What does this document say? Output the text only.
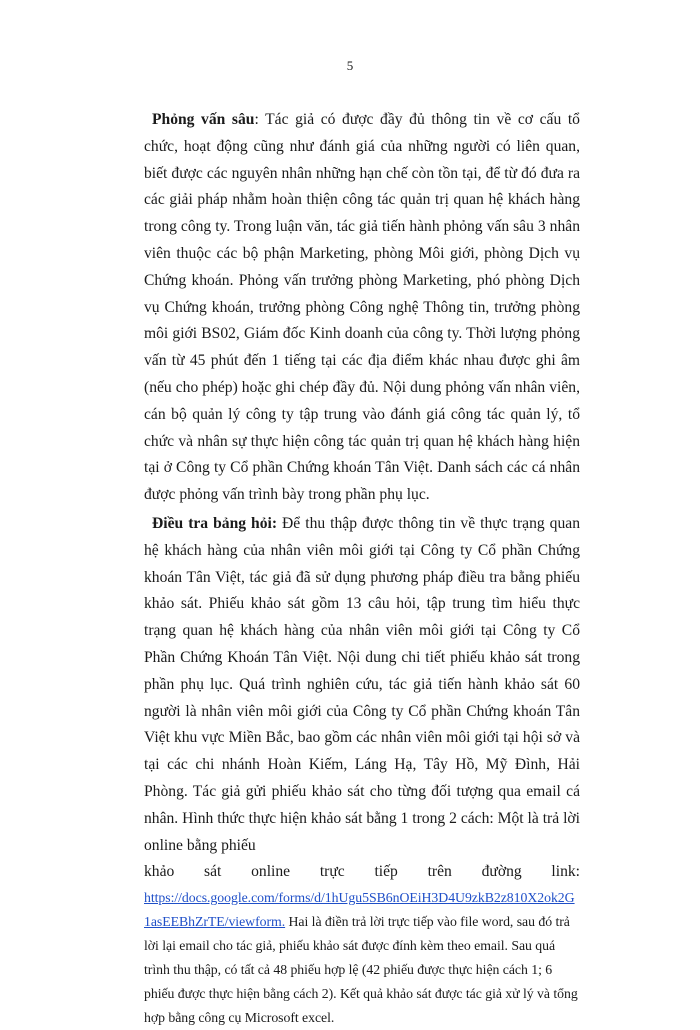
5

Phỏng vấn sâu: Tác giả có được đầy đủ thông tin về cơ cấu tổ chức, hoạt động cũng như đánh giá của những người có liên quan, biết được các nguyên nhân những hạn chế còn tồn tại, để từ đó đưa ra các giải pháp nhằm hoàn thiện công tác quản trị quan hệ khách hàng trong công ty. Trong luận văn, tác giả tiến hành phỏng vấn sâu 3 nhân viên thuộc các bộ phận Marketing, phòng Môi giới, phòng Dịch vụ Chứng khoán. Phỏng vấn trưởng phòng Marketing, phó phòng Dịch vụ Chứng khoán, trưởng phòng Công nghệ Thông tin, trưởng phòng môi giới BS02, Giám đốc Kinh doanh của công ty. Thời lượng phỏng vấn từ 45 phút đến 1 tiếng tại các địa điểm khác nhau được ghi âm (nếu cho phép) hoặc ghi chép đầy đủ. Nội dung phỏng vấn nhân viên, cán bộ quản lý công ty tập trung vào đánh giá công tác quản lý, tổ chức và nhân sự thực hiện công tác quản trị quan hệ khách hàng hiện tại ở Công ty Cổ phần Chứng khoán Tân Việt. Danh sách các cá nhân được phỏng vấn trình bày trong phần phụ lục.

Điều tra bảng hỏi: Để thu thập được thông tin về thực trạng quan hệ khách hàng của nhân viên môi giới tại Công ty Cổ phần Chứng khoán Tân Việt, tác giả đã sử dụng phương pháp điều tra bằng phiếu khảo sát. Phiếu khảo sát gồm 13 câu hỏi, tập trung tìm hiểu thực trạng quan hệ khách hàng của nhân viên môi giới tại Công ty Cổ Phần Chứng Khoán Tân Việt. Nội dung chi tiết phiếu khảo sát trong phần phụ lục. Quá trình nghiên cứu, tác giả tiến hành khảo sát 60 người là nhân viên môi giới của Công ty Cổ phần Chứng khoán Tân Việt khu vực Miền Bắc, bao gồm các nhân viên môi giới tại hội sở và tại các chi nhánh Hoàn Kiếm, Láng Hạ, Tây Hồ, Mỹ Đình, Hải Phòng. Tác giả gửi phiếu khảo sát cho từng đối tượng qua email cá nhân. Hình thức thực hiện khảo sát bằng 1 trong 2 cách: Một là trả lời online bằng phiếu

khảo sát online trực tiếp trên đường link:

https://docs.google.com/forms/d/1hUgu5SB6nOEiH3D4U9zkB2z810X2ok2G1asEEBhZrTE/viewform. Hai là điền trả lời trực tiếp vào file word, sau đó trả lời lại email cho tác giả, phiếu khảo sát được đính kèm theo email. Sau quá trình thu thập, có tất cả 48 phiếu hợp lệ (42 phiếu được thực hiện cách 1; 6 phiếu được thực hiện bằng cách 2). Kết quả khảo sát được tác giả xử lý và tổng hợp bằng công cụ Microsoft excel.
